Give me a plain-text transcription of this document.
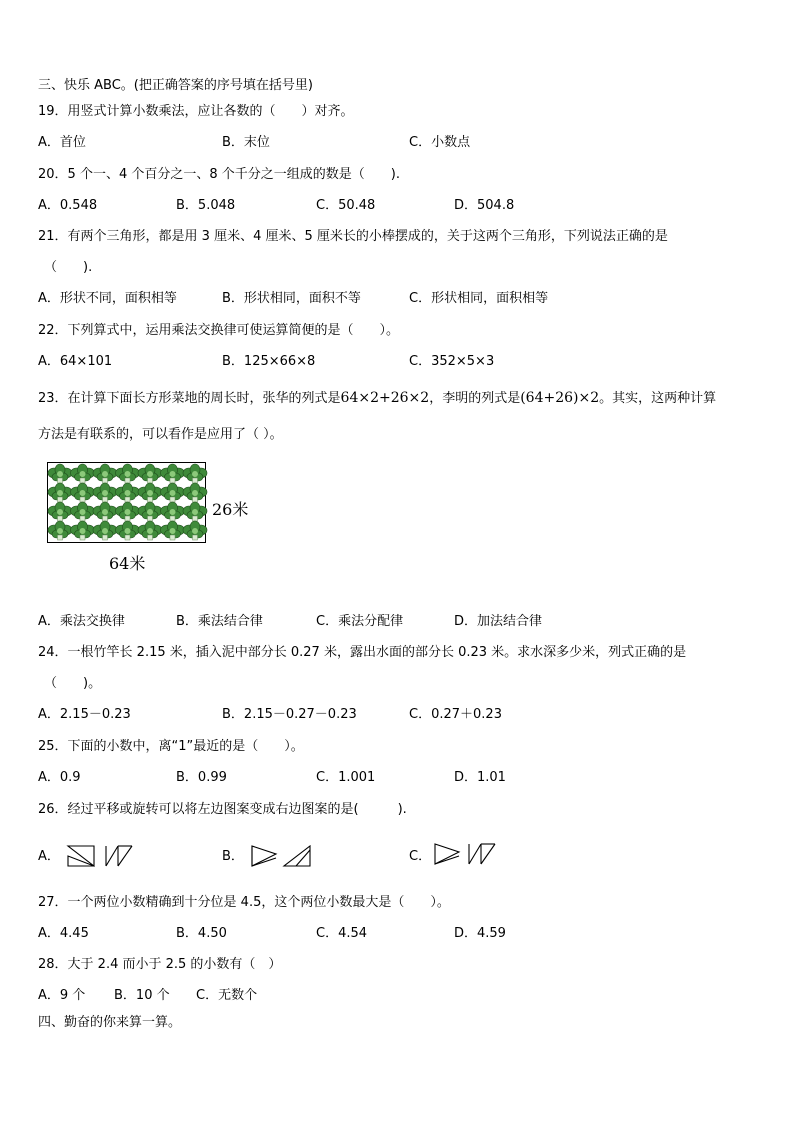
三、快乐 ABC。(把正确答案的序号填在括号里)
19．用竖式计算小数乘法，应让各数的（　　）对齐。
A．首位	B．末位	C．小数点
20．5 个一、4 个百分之一、8 个千分之一组成的数是（　　).
A．0.548	B．5.048	C．50.48	D．504.8
21．有两个三角形，都是用 3 厘米、4 厘米、5 厘米长的小棒摆成的，关于这两个三角形，下列说法正确的是
（　　).
A．形状不同，面积相等	B．形状相同，面积不等	C．形状相同，面积相等
22．下列算式中，运用乘法交换律可使运算简便的是（　　）。
A．64×101	B．125×66×8	C．352×5×3
23．在计算下面长方形菜地的周长时，张华的列式是64×2+26×2，李明的列式是(64+26)×2。其实，这两种计算
方法是有联系的，可以看作是应用了（ ）。
26米
64米
A．乘法交换律	B．乘法结合律	C．乘法分配律	D．加法结合律
24．一根竹竿长 2.15 米，插入泥中部分长 0.27 米，露出水面的部分长 0.23 米。求水深多少米，列式正确的是
（　　)。
A．2.15－0.23	B．2.15－0.27－0.23	C．0.27＋0.23
25．下面的小数中，离“1”最近的是（　　）。
A．0.9	B．0.99	C．1.001	D．1.01
26．经过平移或旋转可以将左边图案变成右边图案的是(　　　).
A．	B．	C．
27．一个两位小数精确到十分位是 4.5，这个两位小数最大是（　　）。
A．4.45	B．4.50	C．4.54	D．4.59
28．大于 2.4 而小于 2.5 的小数有（　）
A．9 个 B．10 个 C．无数个
四、勤奋的你来算一算。
